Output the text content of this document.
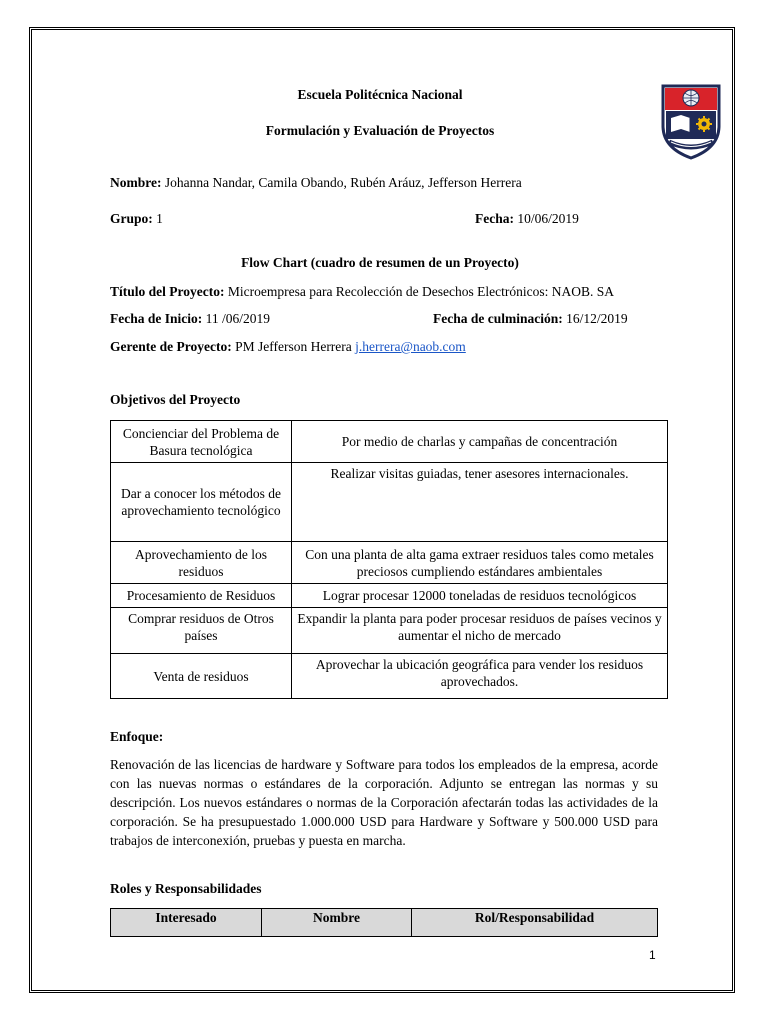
Escuela Politécnica Nacional
Formulación y Evaluación de Proyectos
Nombre: Johanna Nandar, Camila Obando, Rubén Aráuz, Jefferson Herrera
Grupo: 1	Fecha: 10/06/2019
Flow Chart (cuadro de resumen de un Proyecto)
Título del Proyecto: Microempresa para Recolección de Desechos Electrónicos: NAOB. SA
Fecha de Inicio: 11 /06/2019	Fecha de culminación: 16/12/2019
Gerente de Proyecto: PM Jefferson Herrera j.herrera@naob.com
Objetivos del Proyecto
Concienciar del Problema de Basura tecnológica	Por medio de charlas y campañas de concentración
Dar a conocer los métodos de aprovechamiento tecnológico	Realizar visitas guiadas, tener asesores internacionales.
Aprovechamiento de los residuos	Con una planta de alta gama extraer residuos tales como metales preciosos cumpliendo estándares ambientales
Procesamiento de Residuos	Lograr procesar 12000 toneladas de residuos tecnológicos
Comprar residuos de Otros países	Expandir la planta para poder procesar residuos de países vecinos y aumentar el nicho de mercado
Venta de residuos	Aprovechar la ubicación geográfica para vender los residuos aprovechados.
Enfoque:
Renovación de las licencias de hardware y Software para todos los empleados de la empresa, acorde con las nuevas normas o estándares de la corporación. Adjunto se entregan las normas y su descripción. Los nuevos estándares o normas de la Corporación afectarán todas las actividades de la corporación. Se ha presupuestado 1.000.000 USD para Hardware y Software y 500.000 USD para trabajos de interconexión, pruebas y puesta en marcha.
Roles y Responsabilidades
Interesado	Nombre	Rol/Responsabilidad
1
